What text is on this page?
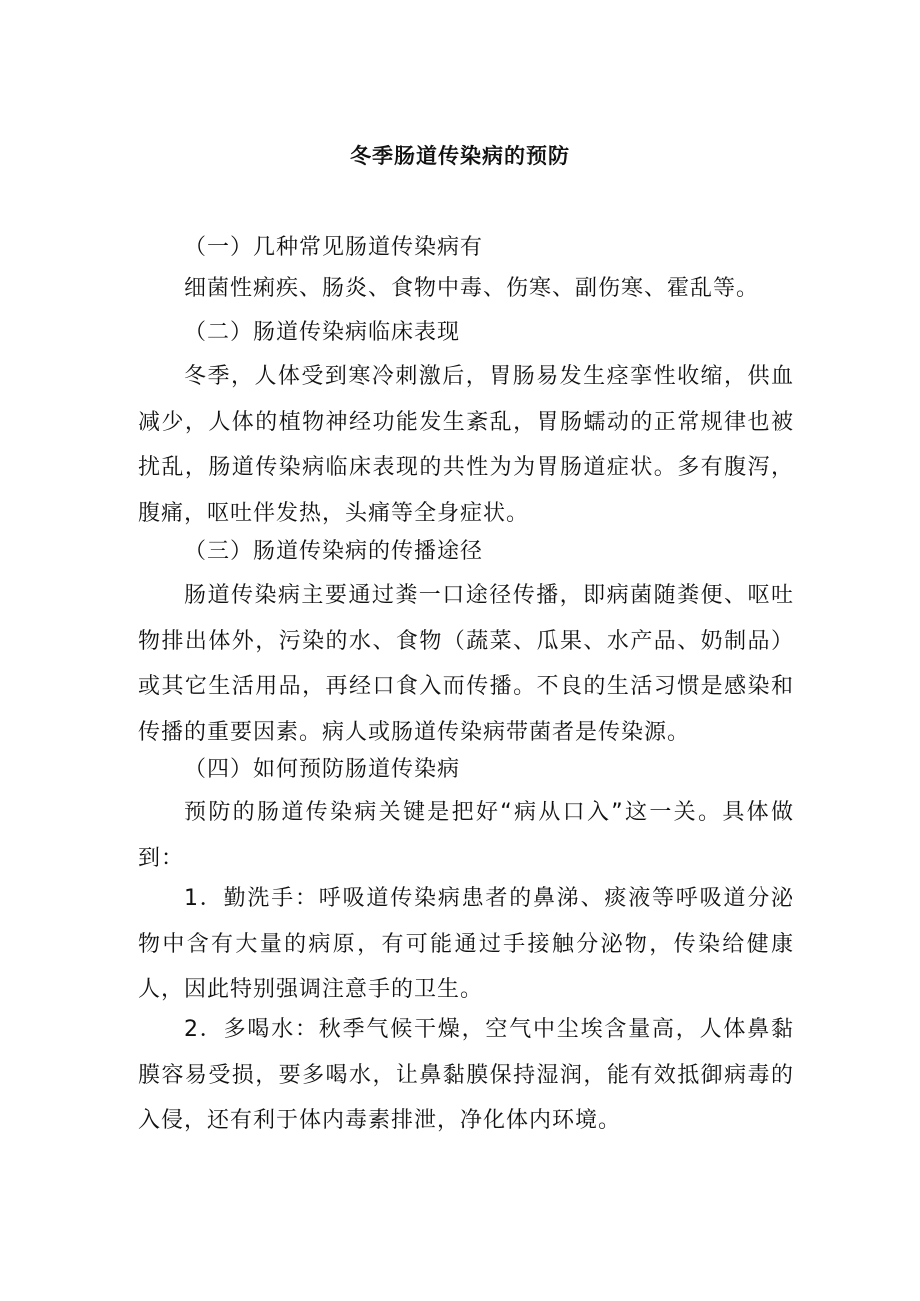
冬季肠道传染病的预防

（一）几种常见肠道传染病有

细菌性痢疾、肠炎、食物中毒、伤寒、副伤寒、霍乱等。

（二）肠道传染病临床表现

冬季，人体受到寒冷刺激后，胃肠易发生痉挛性收缩，供血减少，人体的植物神经功能发生紊乱，胃肠蠕动的正常规律也被扰乱，肠道传染病临床表现的共性为为胃肠道症状。多有腹泻，腹痛，呕吐伴发热，头痛等全身症状。

（三）肠道传染病的传播途径

肠道传染病主要通过粪一口途径传播，即病菌随粪便、呕吐物排出体外，污染的水、食物（蔬菜、瓜果、水产品、奶制品）或其它生活用品，再经口食入而传播。不良的生活习惯是感染和传播的重要因素。病人或肠道传染病带菌者是传染源。

（四）如何预防肠道传染病

预防的肠道传染病关键是把好“病从口入”这一关。具体做到：

1．勤洗手：呼吸道传染病患者的鼻涕、痰液等呼吸道分泌物中含有大量的病原，有可能通过手接触分泌物，传染给健康人，因此特别强调注意手的卫生。

2．多喝水：秋季气候干燥，空气中尘埃含量高，人体鼻黏膜容易受损，要多喝水，让鼻黏膜保持湿润，能有效抵御病毒的入侵，还有利于体内毒素排泄，净化体内环境。
